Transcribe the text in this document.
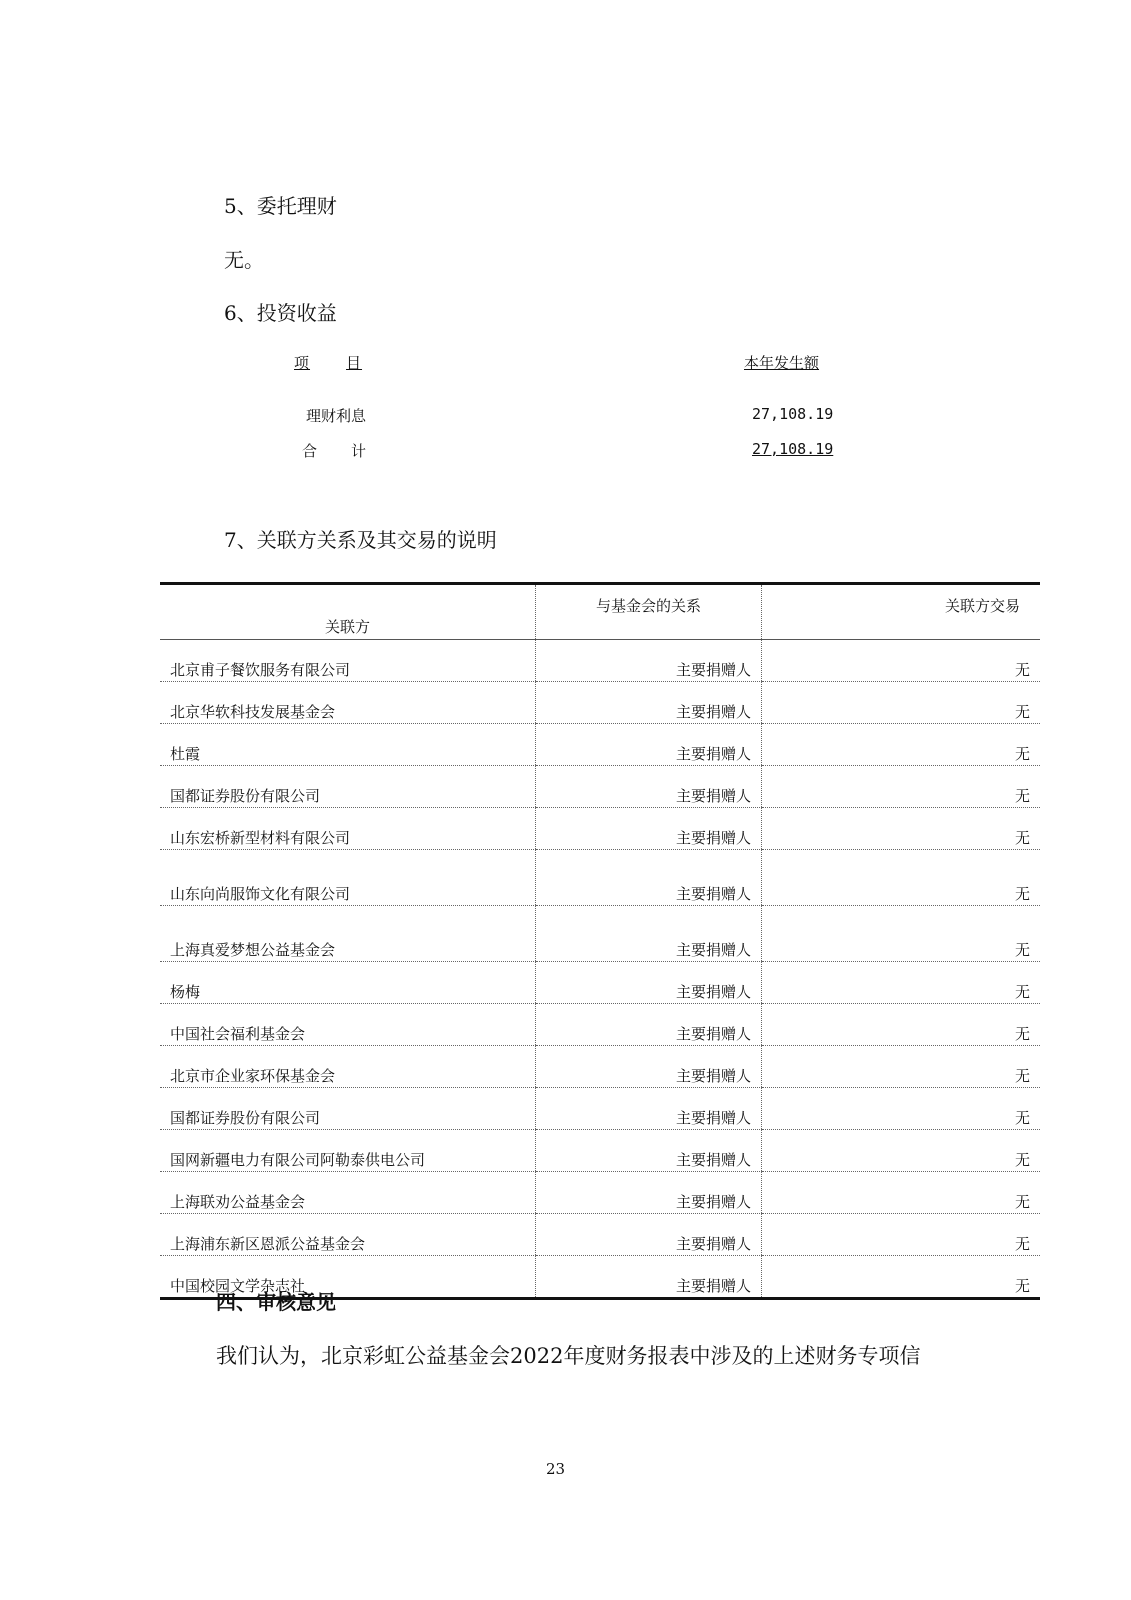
5、委托理财
无。
6、投资收益
项 目	本年发生额
理财利息	27,108.19
合 计	27,108.19
7、关联方关系及其交易的说明
关联方	与基金会的关系	关联方交易
北京甫子餐饮服务有限公司	主要捐赠人	无
北京华软科技发展基金会	主要捐赠人	无
杜霞	主要捐赠人	无
国都证券股份有限公司	主要捐赠人	无
山东宏桥新型材料有限公司	主要捐赠人	无
山东向尚服饰文化有限公司	主要捐赠人	无
上海真爱梦想公益基金会	主要捐赠人	无
杨梅	主要捐赠人	无
中国社会福利基金会	主要捐赠人	无
北京市企业家环保基金会	主要捐赠人	无
国都证券股份有限公司	主要捐赠人	无
国网新疆电力有限公司阿勒泰供电公司	主要捐赠人	无
上海联劝公益基金会	主要捐赠人	无
上海浦东新区恩派公益基金会	主要捐赠人	无
中国校园文学杂志社	主要捐赠人	无
四、审核意见
我们认为，北京彩虹公益基金会2022年度财务报表中涉及的上述财务专项信
23
